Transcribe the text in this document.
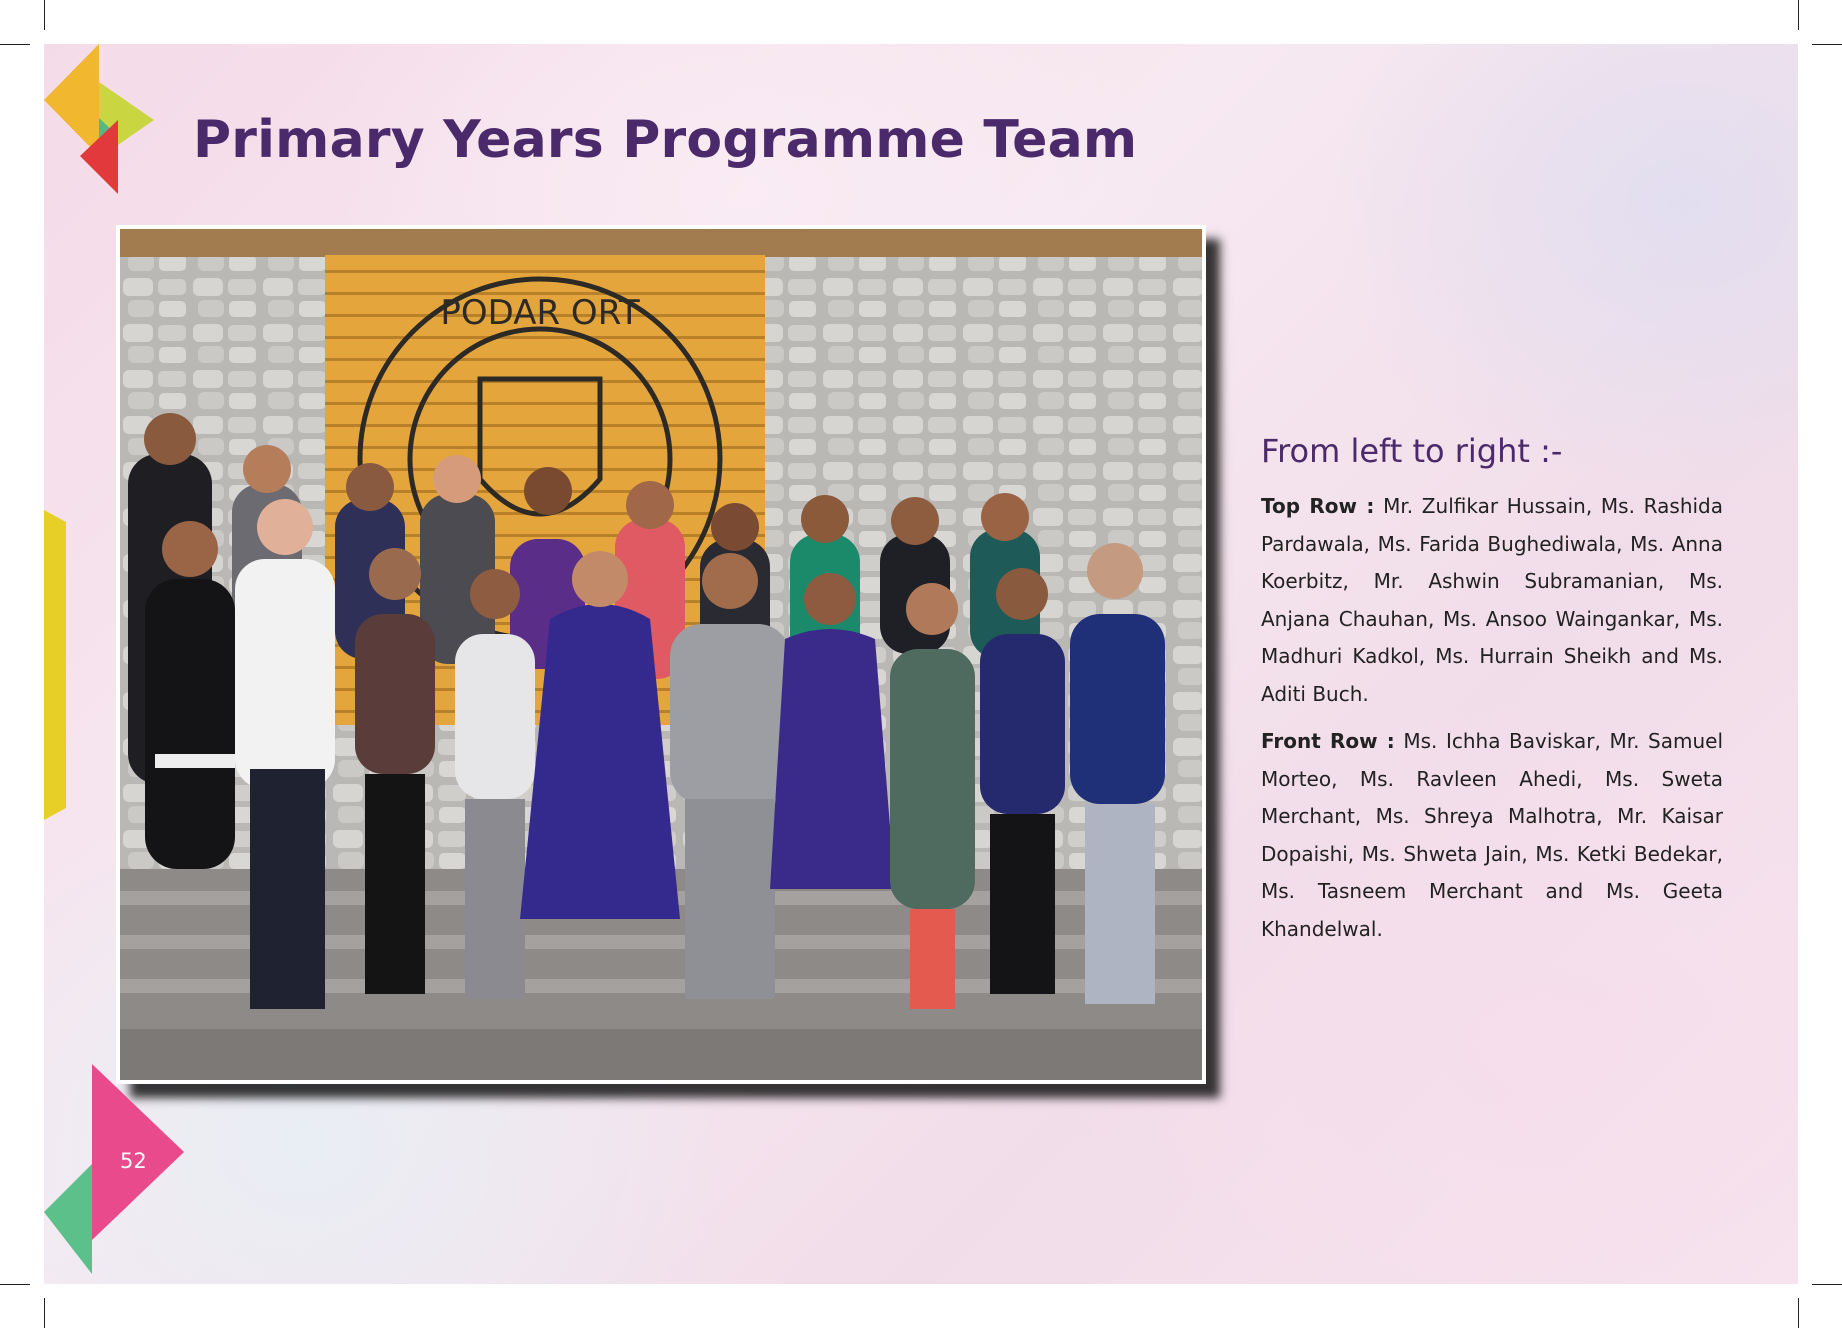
Primary Years Programme Team
PODAR ORT
From left to right :-

Top Row : Mr. Zulfikar Hussain, Ms. Rashida Pardawala, Ms. Farida Bughediwala, Ms. Anna Koerbitz, Mr. Ashwin Subramanian, Ms. Anjana Chauhan, Ms. Ansoo Waingankar, Ms. Madhuri Kadkol, Ms. Hurrain Sheikh and Ms. Aditi Buch.

Front Row : Ms. Ichha Baviskar, Mr. Samuel Morteo, Ms. Ravleen Ahedi, Ms. Sweta Merchant, Ms. Shreya Malhotra, Mr. Kaisar Dopaishi, Ms. Shweta Jain, Ms. Ketki Bedekar, Ms. Tasneem Merchant and Ms. Geeta Khandelwal.

52
